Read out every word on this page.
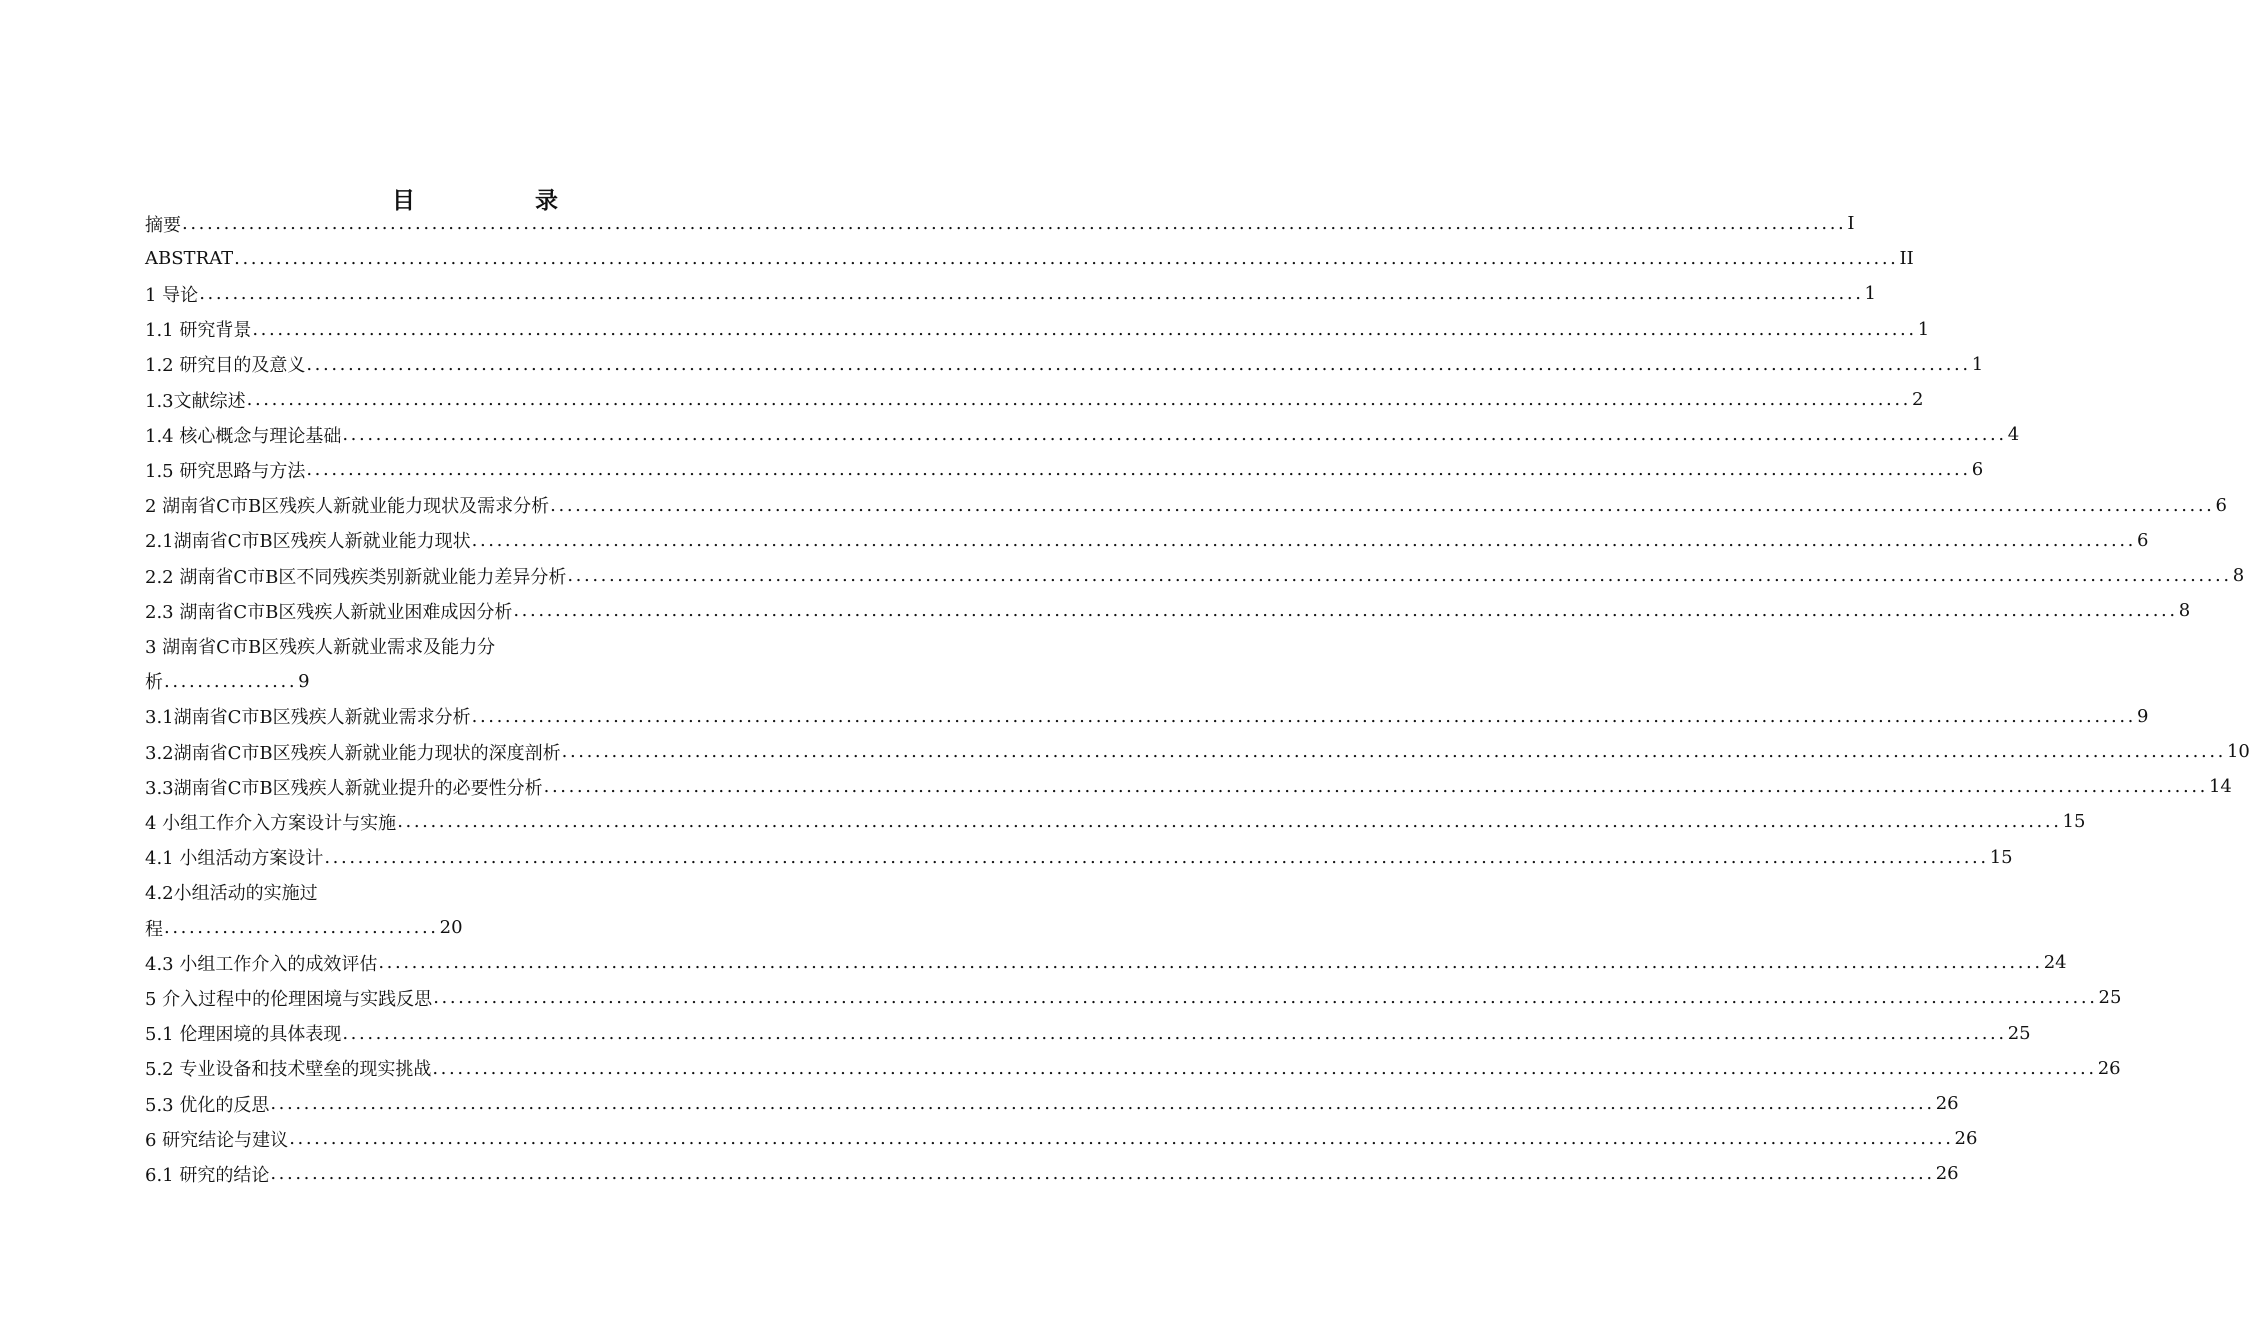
目 录
摘要 ........................................................................................................................................................................................................ I
ABSTRAT ........................................................................................................................................................................................................ II
1 导论 ........................................................................................................................................................................................................ 1
1.1 研究背景 ........................................................................................................................................................................................................ 1
1.2 研究目的及意义 ........................................................................................................................................................................................................ 1
1.3文献综述 ........................................................................................................................................................................................................ 2
1.4 核心概念与理论基础 ........................................................................................................................................................................................................ 4
1.5 研究思路与方法 ........................................................................................................................................................................................................ 6
2 湖南省C市B区残疾人新就业能力现状及需求分析 ........................................................................................................................................................................................................ 6
2.1湖南省C市B区残疾人新就业能力现状 ........................................................................................................................................................................................................ 6
2.2 湖南省C市B区不同残疾类别新就业能力差异分析 ........................................................................................................................................................................................................ 8
2.3 湖南省C市B区残疾人新就业困难成因分析 ........................................................................................................................................................................................................ 8
3 湖南省C市B区残疾人新就业需求及能力分
析 ................ 9
3.1湖南省C市B区残疾人新就业需求分析 ........................................................................................................................................................................................................ 9
3.2湖南省C市B区残疾人新就业能力现状的深度剖析 ........................................................................................................................................................................................................ 10
3.3湖南省C市B区残疾人新就业提升的必要性分析 ........................................................................................................................................................................................................ 14
4 小组工作介入方案设计与实施 ........................................................................................................................................................................................................ 15
4.1 小组活动方案设计 ........................................................................................................................................................................................................ 15
4.2小组活动的实施过
程 ................................. 20
4.3 小组工作介入的成效评估 ........................................................................................................................................................................................................ 24
5 介入过程中的伦理困境与实践反思 ........................................................................................................................................................................................................ 25
5.1 伦理困境的具体表现 ........................................................................................................................................................................................................ 25
5.2 专业设备和技术壁垒的现实挑战 ........................................................................................................................................................................................................ 26
5.3 优化的反思 ........................................................................................................................................................................................................ 26
6 研究结论与建议 ........................................................................................................................................................................................................ 26
6.1 研究的结论 ........................................................................................................................................................................................................ 26
